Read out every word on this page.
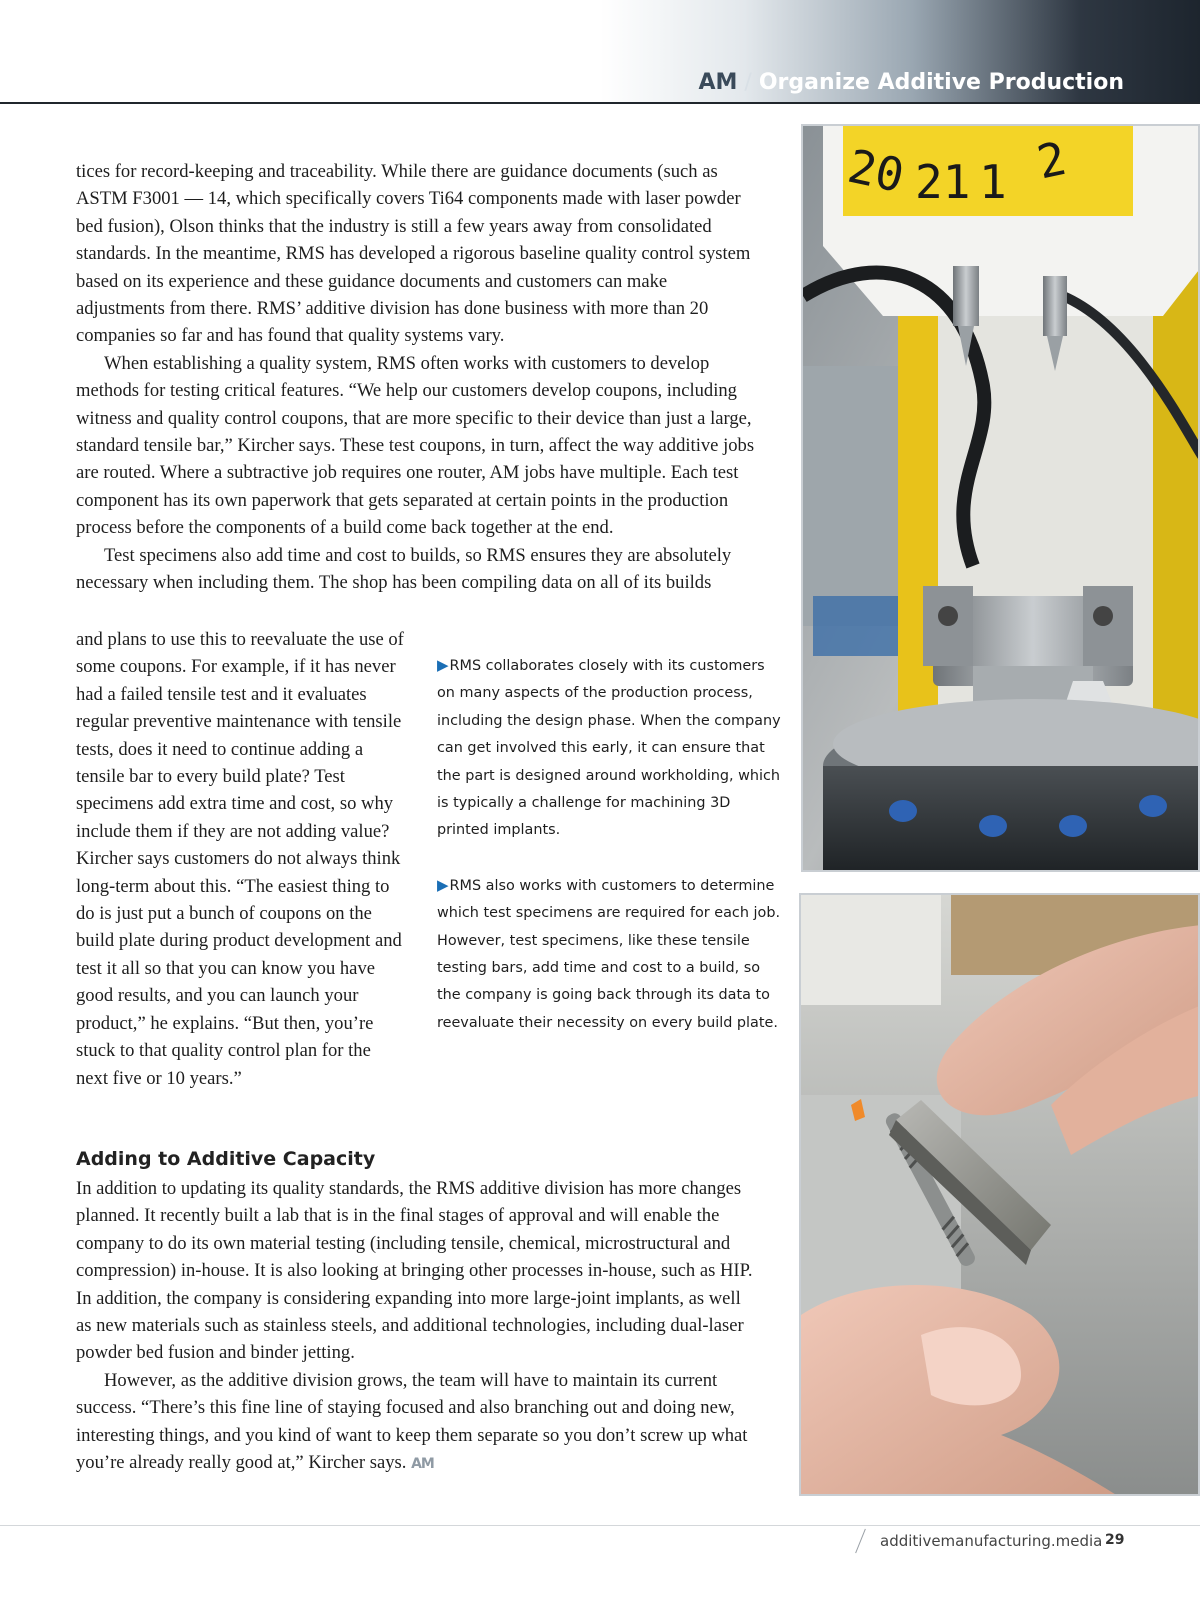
AM / Organize Additive Production

tices for record-keeping and traceability. While there are guidance documents (such as ASTM F3001 — 14, which specifically covers Ti64 components made with laser powder bed fusion), Olson thinks that the industry is still a few years away from consolidated standards. In the meantime, RMS has developed a rigorous baseline quality control system based on its experience and these guidance documents and customers can make adjustments from there. RMS’ additive division has done business with more than 20 companies so far and has found that quality systems vary.

When establishing a quality system, RMS often works with customers to develop methods for testing critical features. “We help our customers develop coupons, including witness and quality control coupons, that are more specific to their device than just a large, standard tensile bar,” Kircher says. These test coupons, in turn, affect the way additive jobs are routed. Where a subtractive job requires one router, AM jobs have multiple. Each test component has its own paperwork that gets separated at certain points in the production process before the components of a build come back together at the end.

Test specimens also add time and cost to builds, so RMS ensures they are absolutely necessary when including them. The shop has been compiling data on all of its builds

and plans to use this to reevaluate the use of some coupons. For example, if it has never had a failed tensile test and it evaluates regular preventive maintenance with tensile tests, does it need to continue adding a tensile bar to every build plate? Test specimens add extra time and cost, so why include them if they are not adding value? Kircher says customers do not always think long-term about this. “The easiest thing to do is just put a bunch of coupons on the build plate during product development and test it all so that you can know you have good results, and you can launch your product,” he explains. “But then, you’re stuck to that quality control plan for the next five or 10 years.”

▶RMS collaborates closely with its customers on many aspects of the production process, including the design phase. When the company can get involved this early, it can ensure that the part is designed around workholding, which is typically a challenge for machining 3D printed implants.
▶RMS also works with customers to determine which test specimens are required for each job. However, test specimens, like these tensile testing bars, add time and cost to a build, so the company is going back through its data to reevaluate their necessity on every build plate.
Adding to Additive Capacity

In addition to updating its quality standards, the RMS additive division has more changes planned. It recently built a lab that is in the final stages of approval and will enable the company to do its own material testing (including tensile, chemical, microstructural and compression) in-house. It is also looking at bringing other processes in-house, such as HIP. In addition, the company is considering expanding into more large-joint implants, as well as new materials such as stainless steels, and additional technologies, including dual-laser powder bed fusion and binder jetting.

However, as the additive division grows, the team will have to maintain its current success. “There’s this fine line of staying focused and also branching out and doing new, interesting things, and you kind of want to keep them separate so you don’t screw up what you’re already really good at,” Kircher says. AM

20 21 1 2
additivemanufacturing.media 29
